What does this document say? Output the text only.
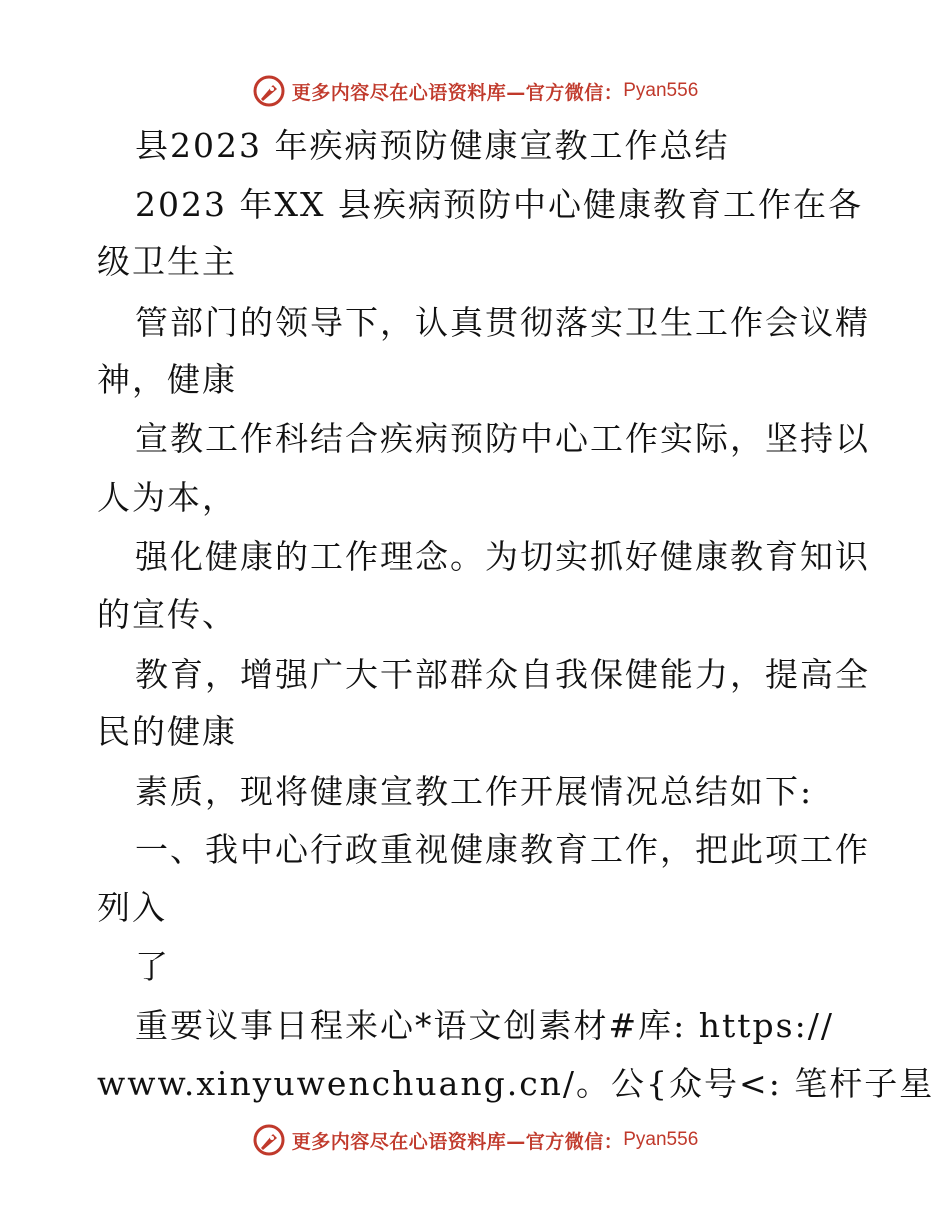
更多内容尽在心语资料库—官方微信： Pyan556
县2023 年疾病预防健康宣教工作总结
2023 年XX 县疾病预防中心健康教育工作在各
级卫生主
管部门的领导下，认真贯彻落实卫生工作会议精
神，健康
宣教工作科结合疾病预防中心工作实际，坚持以
人为本，
强化健康的工作理念。为切实抓好健康教育知识
的宣传、
教育，增强广大干部群众自我保健能力，提高全
民的健康
素质，现将健康宣教工作开展情况总结如下:
一、我中心行政重视健康教育工作，把此项工作
列入
了
重要议事日程来心*语文创素材#库: https://
www.xinyuwenchuang.cn/。公{众号<: 笔杆子星
更多内容尽在心语资料库—官方微信： Pyan556
